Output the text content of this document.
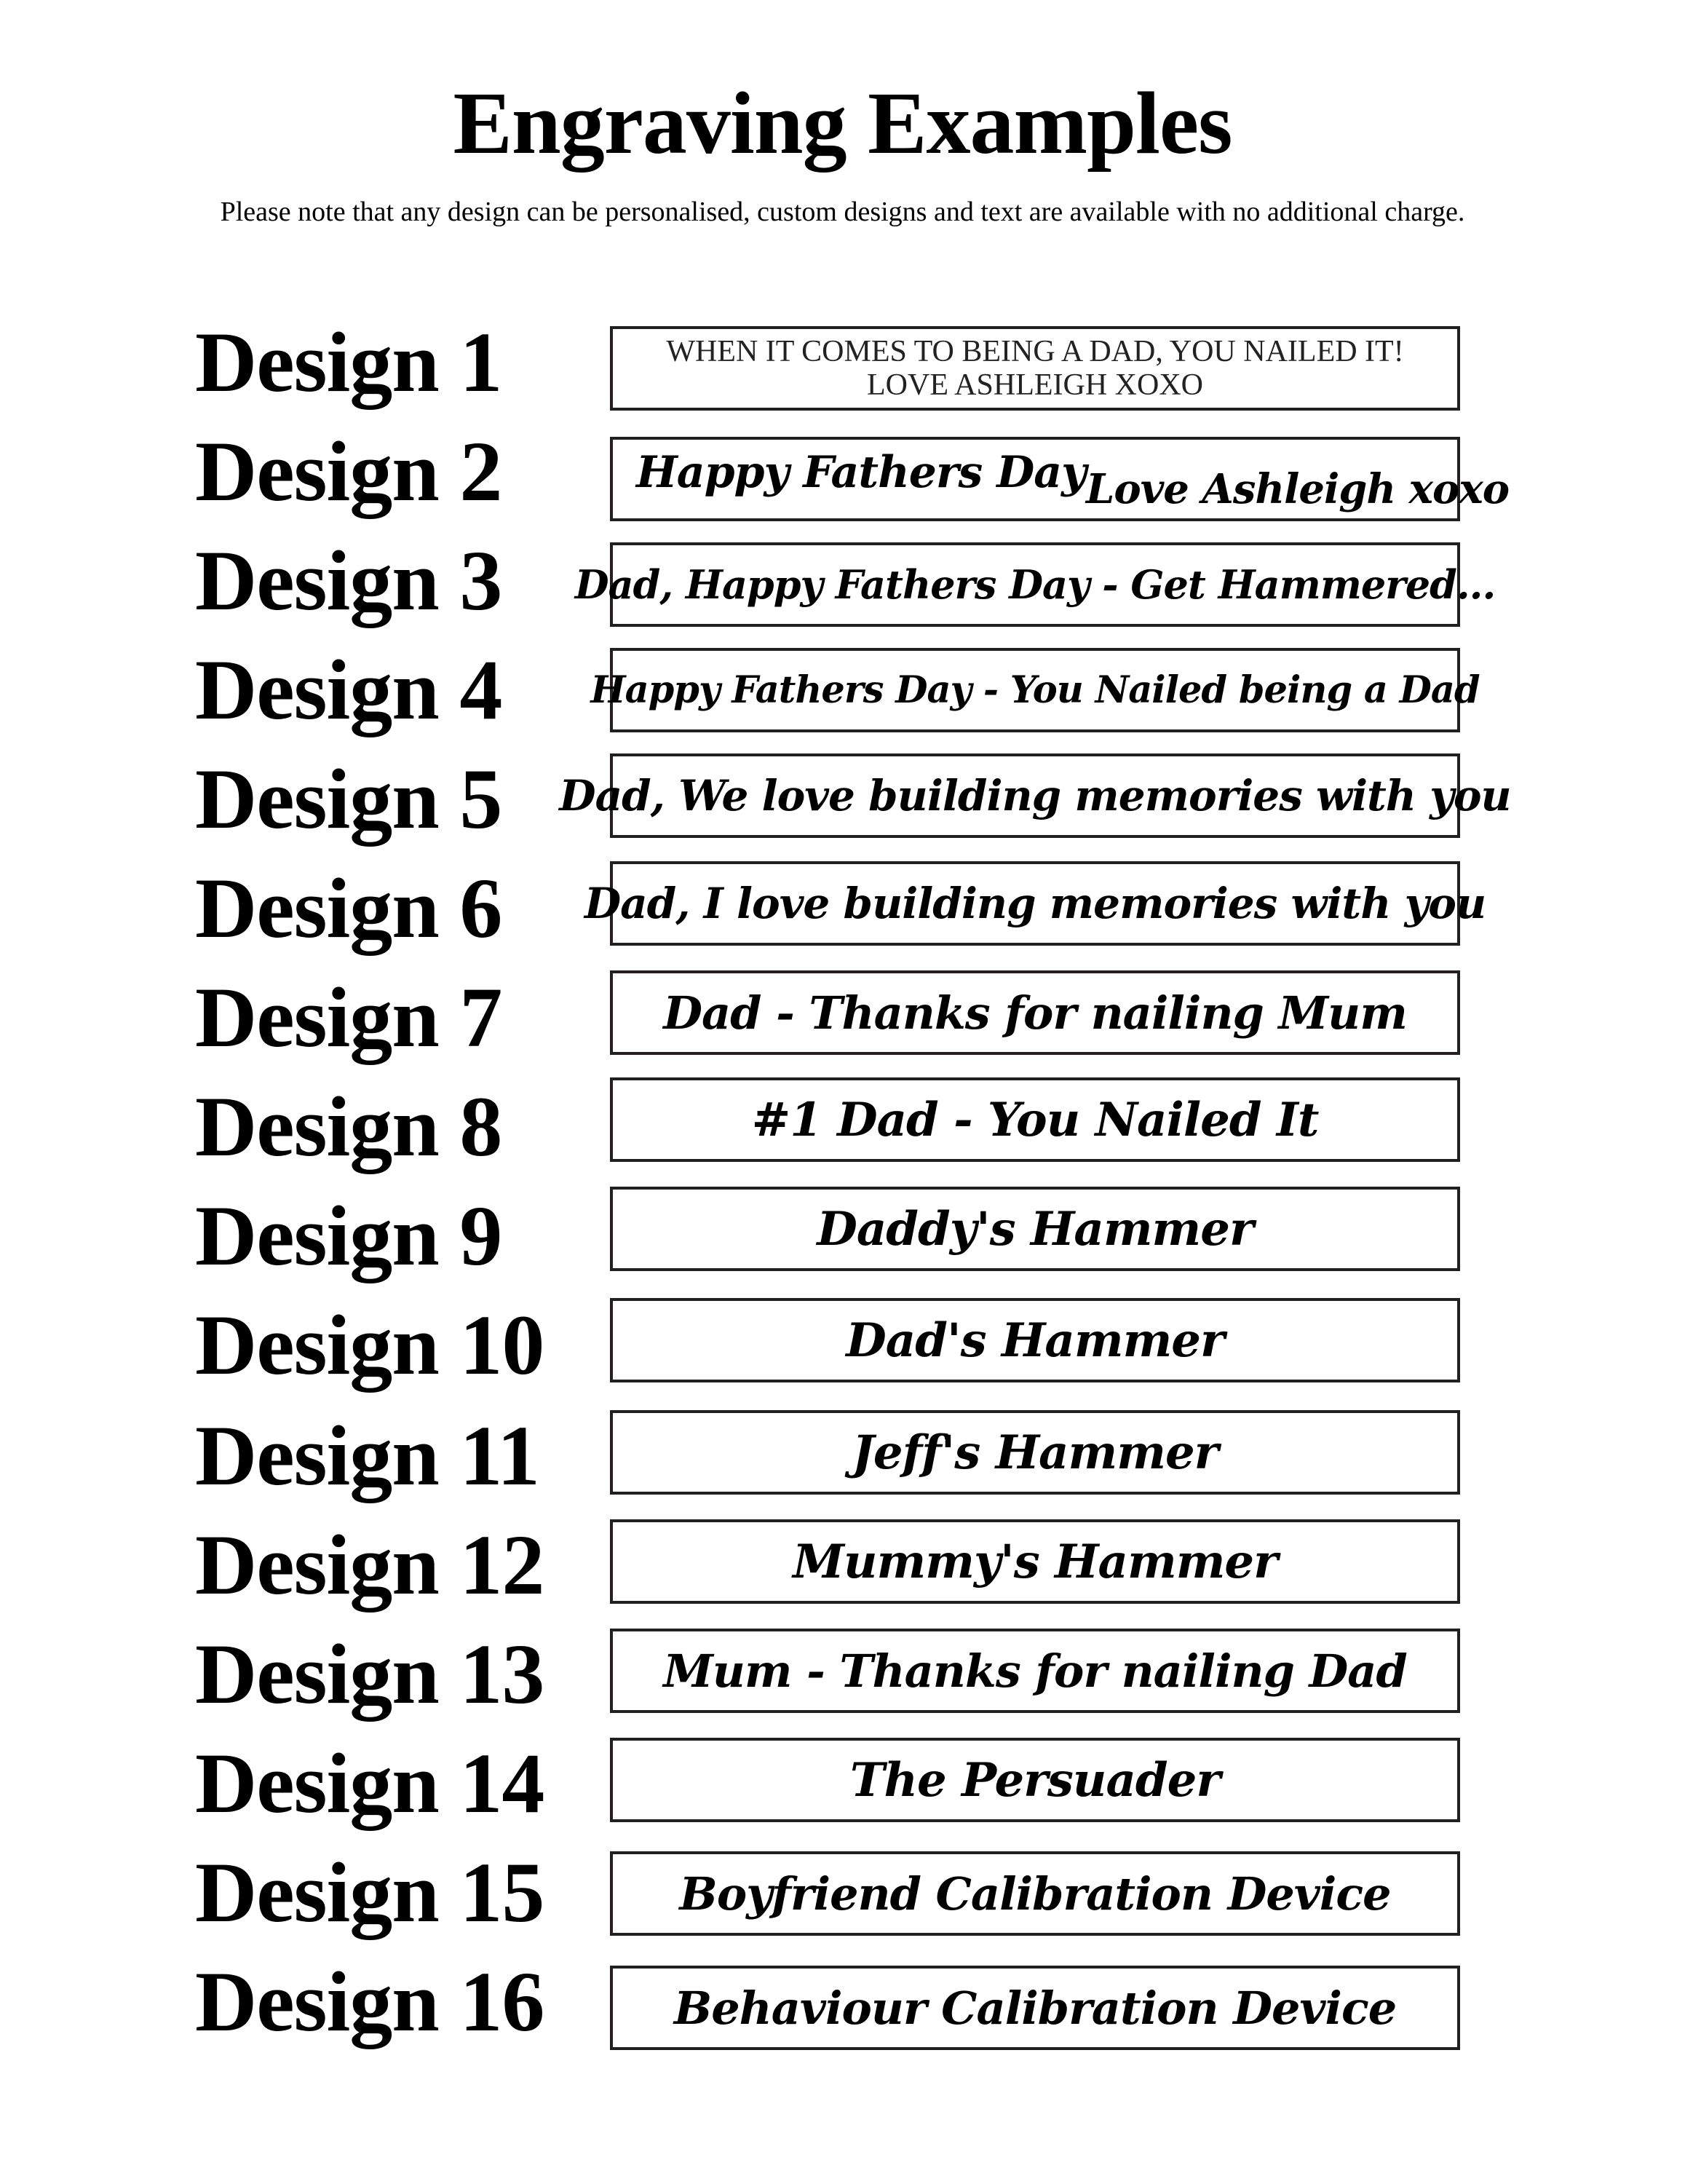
Engraving Examples

Please note that any design can be personalised, custom designs and text are available with no additional charge.

Design 1	WHEN IT COMES TO BEING A DAD, YOU NAILED IT!
LOVE ASHLEIGH XOXO
Design 2	Happy Fathers Day Love Ashleigh xoxo
Design 3	Dad, Happy Fathers Day - Get Hammered...
Design 4	Happy Fathers Day - You Nailed being a Dad
Design 5	Dad, We love building memories with you
Design 6	Dad, I love building memories with you
Design 7	Dad - Thanks for nailing Mum
Design 8	#1 Dad - You Nailed It
Design 9	Daddy's Hammer
Design 10	Dad's Hammer
Design 11	Jeff's Hammer
Design 12	Mummy's Hammer
Design 13	Mum - Thanks for nailing Dad
Design 14	The Persuader
Design 15	Boyfriend Calibration Device
Design 16	Behaviour Calibration Device
